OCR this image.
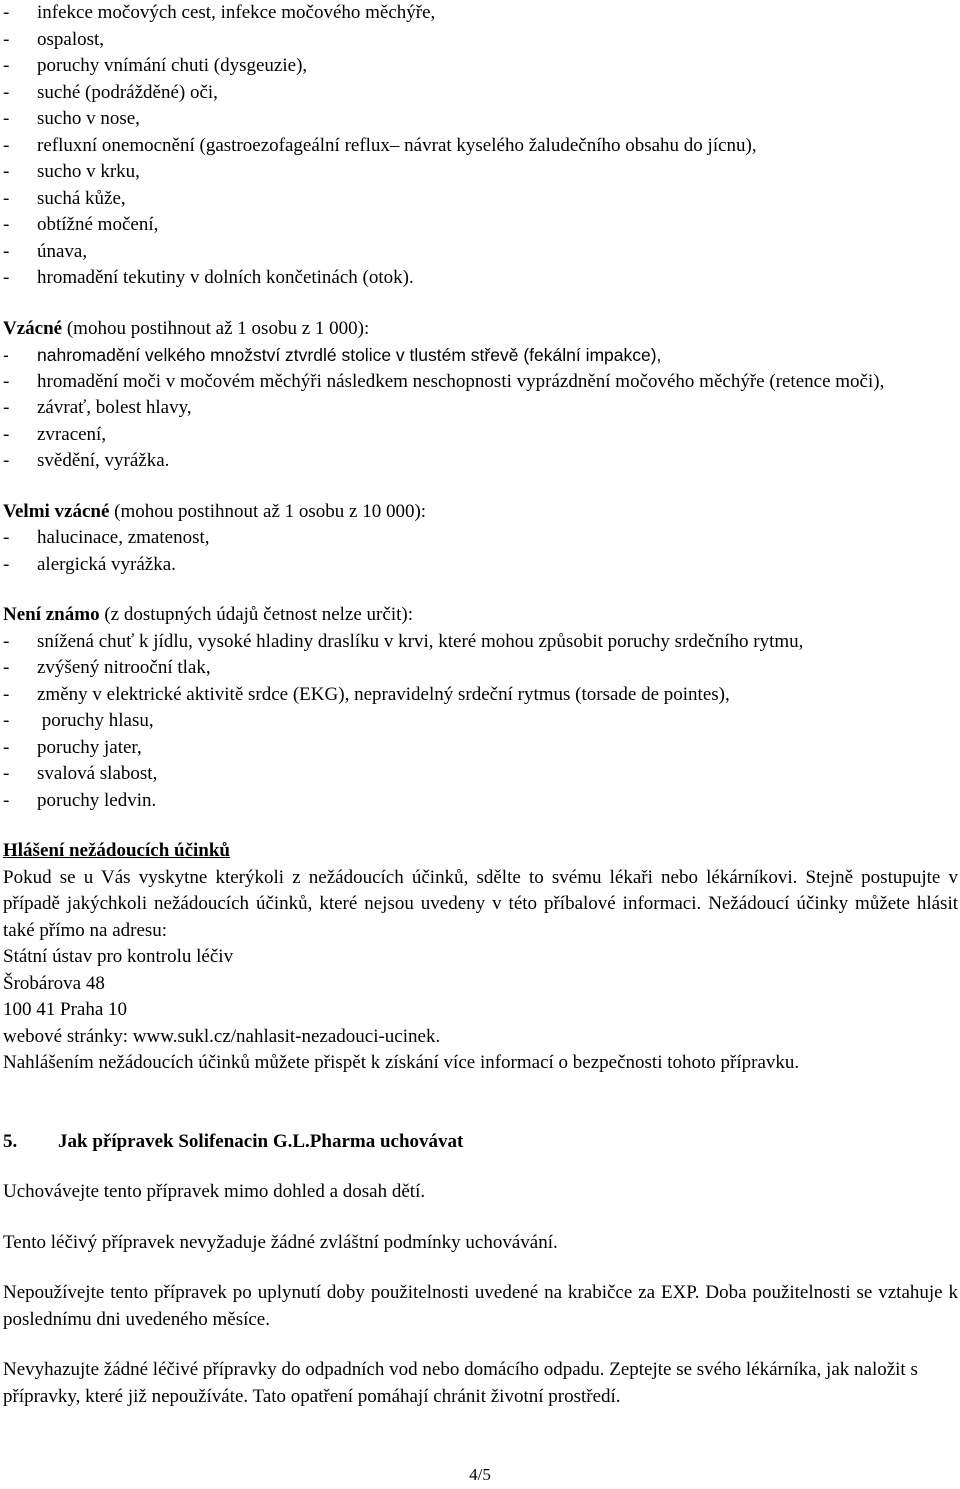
- infekce močových cest, infekce močového měchýře,
- ospalost,
- poruchy vnímání chuti (dysgeuzie),
- suché (podrážděné) oči,
- sucho v nose,
- refluxní onemocnění (gastroezofageální reflux– návrat kyselého žaludečního obsahu do jícnu),
- sucho v krku,
- suchá kůže,
- obtížné močení,
- únava,
- hromadění tekutiny v dolních končetinách (otok).

Vzácné (mohou postihnout až 1 osobu z 1 000):

- nahromadění velkého množství ztvrdlé stolice v tlustém střevě (fekální impakce),
- hromadění moči v močovém měchýři následkem neschopnosti vyprázdnění močového měchýře (retence moči),
- závrať, bolest hlavy,
- zvracení,
- svědění, vyrážka.

Velmi vzácné (mohou postihnout až 1 osobu z 10 000):

- halucinace, zmatenost,
- alergická vyrážka.

Není známo (z dostupných údajů četnost nelze určit):

- snížená chuť k jídlu, vysoké hladiny draslíku v krvi, které mohou způsobit poruchy srdečního rytmu,
- zvýšený nitrooční tlak,
- změny v elektrické aktivitě srdce (EKG), nepravidelný srdeční rytmus (torsade de pointes),
-  poruchy hlasu,
- poruchy jater,
- svalová slabost,
- poruchy ledvin.

Hlášení nežádoucích účinků

Pokud se u Vás vyskytne kterýkoli z nežádoucích účinků, sdělte to svému lékaři nebo lékárníkovi. Stejně postupujte v případě jakýchkoli nežádoucích účinků, které nejsou uvedeny v této příbalové informaci. Nežádoucí účinky můžete hlásit také přímo na adresu:

Státní ústav pro kontrolu léčiv

Šrobárova 48

100 41 Praha 10

webové stránky: www.sukl.cz/nahlasit-nezadouci-ucinek.

Nahlášením nežádoucích účinků můžete přispět k získání více informací o bezpečnosti tohoto přípravku.

5. Jak přípravek Solifenacin G.L.Pharma uchovávat

Uchovávejte tento přípravek mimo dohled a dosah dětí.

Tento léčivý přípravek nevyžaduje žádné zvláštní podmínky uchovávání.

Nepoužívejte tento přípravek po uplynutí doby použitelnosti uvedené na krabičce za EXP. Doba použitelnosti se vztahuje k poslednímu dni uvedeného měsíce.

Nevyhazujte žádné léčivé přípravky do odpadních vod nebo domácího odpadu. Zeptejte se svého lékárníka, jak naložit s přípravky, které již nepoužíváte. Tato opatření pomáhají chránit životní prostředí.

4/5
